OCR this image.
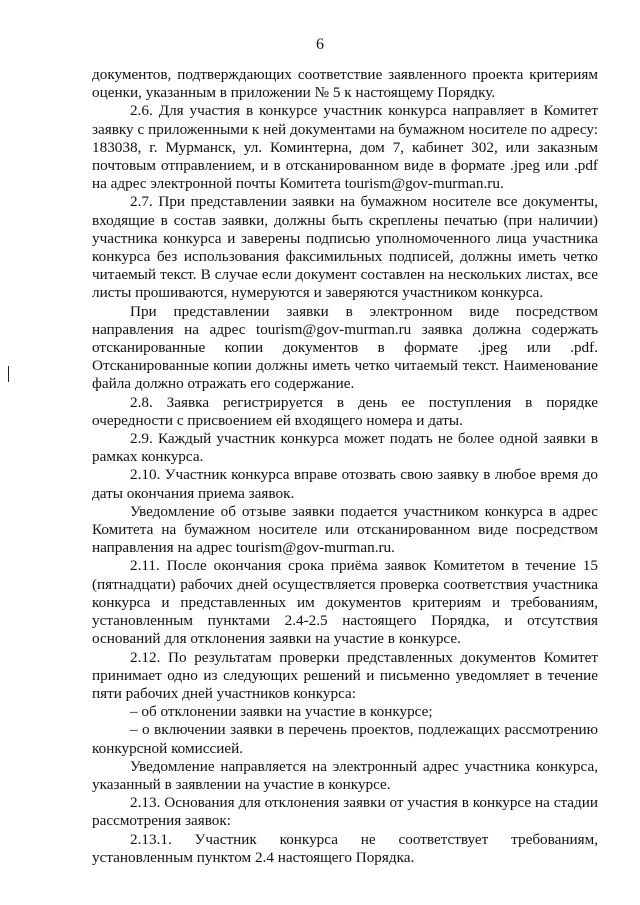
6

документов, подтверждающих соответствие заявленного проекта критериям оценки, указанным в приложении № 5 к настоящему Порядку.

2.6. Для участия в конкурсе участник конкурса направляет в Комитет заявку с приложенными к ней документами на бумажном носителе по адресу: 183038, г. Мурманск, ул. Коминтерна, дом 7, кабинет 302, или заказным почтовым отправлением, и в отсканированном виде в формате .jpeg или .pdf на адрес электронной почты Комитета tourism@gov-murman.ru.

2.7. При представлении заявки на бумажном носителе все документы, входящие в состав заявки, должны быть скреплены печатью (при наличии) участника конкурса и заверены подписью уполномоченного лица участника конкурса без использования факсимильных подписей, должны иметь четко читаемый текст. В случае если документ составлен на нескольких листах, все листы прошиваются, нумеруются и заверяются участником конкурса.

При представлении заявки в электронном виде посредством направления на адрес tourism@gov-murman.ru заявка должна содержать отсканированные копии документов в формате .jpeg или .pdf. Отсканированные копии должны иметь четко читаемый текст. Наименование файла должно отражать его содержание.

2.8. Заявка регистрируется в день ее поступления в порядке очередности с присвоением ей входящего номера и даты.

2.9. Каждый участник конкурса может подать не более одной заявки в рамках конкурса.

2.10. Участник конкурса вправе отозвать свою заявку в любое время до даты окончания приема заявок.

Уведомление об отзыве заявки подается участником конкурса в адрес Комитета на бумажном носителе или отсканированном виде посредством направления на адрес tourism@gov-murman.ru.

2.11. После окончания срока приёма заявок Комитетом в течение 15 (пятнадцати) рабочих дней осуществляется проверка соответствия участника конкурса и представленных им документов критериям и требованиям, установленным пунктами 2.4-2.5 настоящего Порядка, и отсутствия оснований для отклонения заявки на участие в конкурсе.

2.12. По результатам проверки представленных документов Комитет принимает одно из следующих решений и письменно уведомляет в течение пяти рабочих дней участников конкурса:

– об отклонении заявки на участие в конкурсе;

– о включении заявки в перечень проектов, подлежащих рассмотрению конкурсной комиссией.

Уведомление направляется на электронный адрес участника конкурса, указанный в заявлении на участие в конкурсе.

2.13. Основания для отклонения заявки от участия в конкурсе на стадии рассмотрения заявок:

2.13.1. Участник конкурса не соответствует требованиям, установленным пунктом 2.4 настоящего Порядка.
